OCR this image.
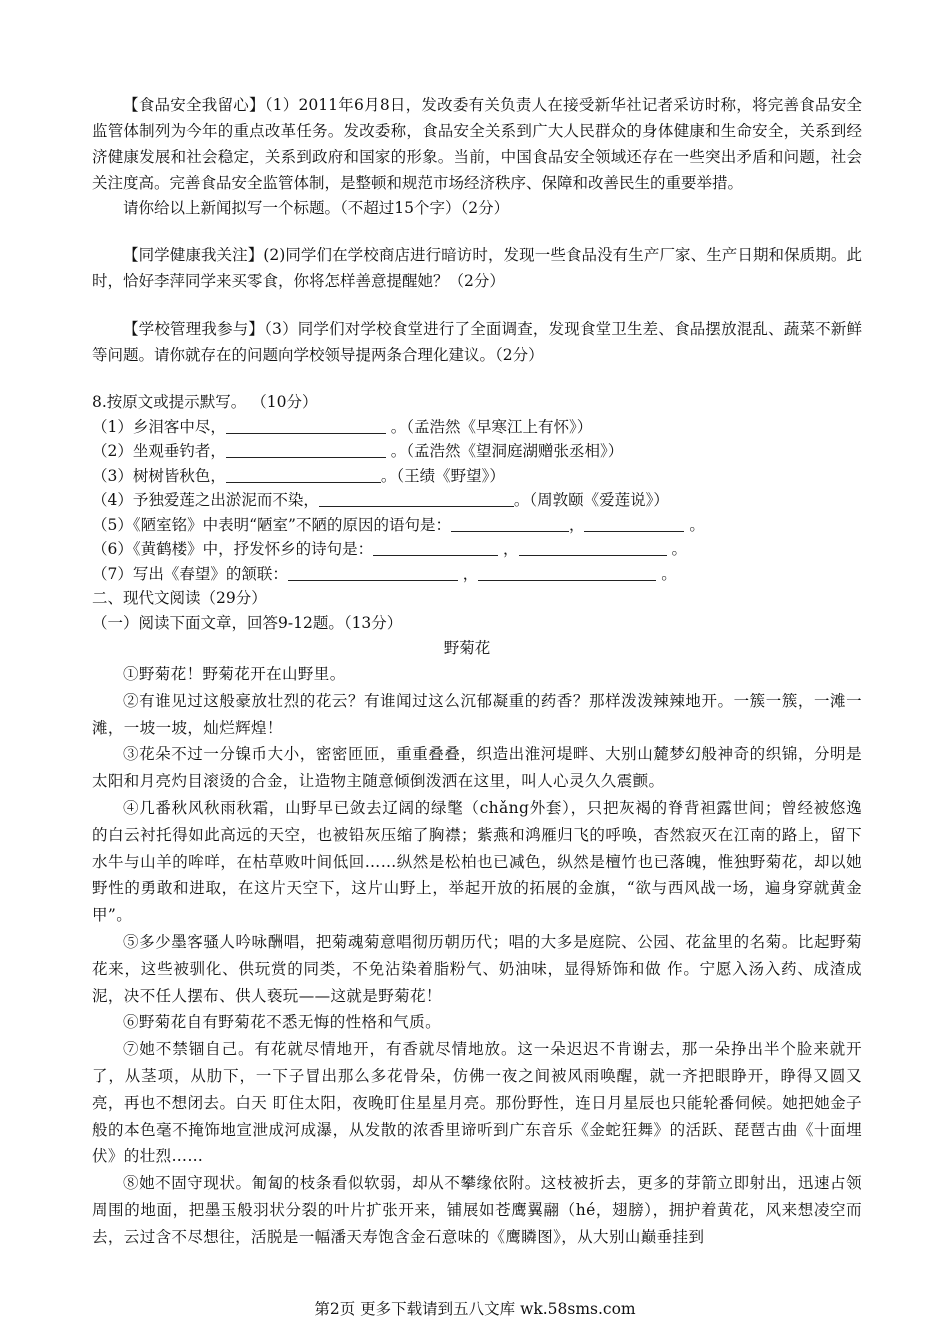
【食品安全我留心】（1）2011年6月8日，发改委有关负责人在接受新华社记者采访时称，将完善食品安全监管体制列为今年的重点改革任务。发改委称，食品安全关系到广大人民群众的身体健康和生命安全，关系到经济健康发展和社会稳定，关系到政府和国家的形象。当前，中国食品安全领域还存在一些突出矛盾和问题，社会关注度高。完善食品安全监管体制，是整顿和规范市场经济秩序、保障和改善民生的重要举措。

请你给以上新闻拟写一个标题。（不超过15个字）（2分）

【同学健康我关注】(2)同学们在学校商店进行暗访时，发现一些食品没有生产厂家、生产日期和保质期。此时，恰好李萍同学来买零食，你将怎样善意提醒她？（2分）

【学校管理我参与】（3）同学们对学校食堂进行了全面调查，发现食堂卫生差、食品摆放混乱、蔬菜不新鲜等问题。请你就存在的问题向学校领导提两条合理化建议。（2分）

8.按原文或提示默写。 （10分）

（1）乡泪客中尽，	。（孟浩然《早寒江上有怀》）

（2）坐观垂钓者，	。（孟浩然《望洞庭湖赠张丞相》）

（3）树树皆秋色，	。（王绩《野望》）

（4）予独爱莲之出淤泥而不染，	。（周敦颐《爱莲说》）

（5）《陋室铭》中表明“陋室”不陋的原因的语句是：	，	。

（6）《黄鹤楼》中，抒发怀乡的诗句是：	，	。

（7）写出《春望》的颔联：	，	。

二、现代文阅读（29分）

（一）阅读下面文章，回答9-12题。（13分）

野菊花

①野菊花！野菊花开在山野里。

②有谁见过这般豪放壮烈的花云？有谁闻过这么沉郁凝重的药香？那样泼泼辣辣地开。一簇一簇，一滩一滩，一坡一坡，灿烂辉煌！

③花朵不过一分镍币大小，密密匝匝，重重叠叠，织造出淮河堤畔、大别山麓梦幻般神奇的织锦，分明是太阳和月亮灼目滚烫的合金，让造物主随意倾倒泼洒在这里，叫人心灵久久震颤。

④几番秋风秋雨秋霜，山野早已敛去辽阔的绿氅（chǎng外套），只把灰褐的脊背袒露世间；曾经被悠逸的白云衬托得如此高远的天空，也被铅灰压缩了胸襟；紫燕和鸿雁归飞的呼唤，杳然寂灭在江南的路上，留下水牛与山羊的哞咩，在枯草败叶间低回……纵然是松柏也已减色，纵然是檀竹也已落魄，惟独野菊花，却以她野性的勇敢和进取，在这片天空下，这片山野上，举起开放的拓展的金旗，“欲与西风战一场，遍身穿就黄金甲”。

⑤多少墨客骚人吟咏酬唱，把菊魂菊意唱彻历朝历代；唱的大多是庭院、公园、花盆里的名菊。比起野菊花来，这些被驯化、供玩赏的同类，不免沾染着脂粉气、奶油味，显得矫饰和做 作。宁愿入汤入药、成渣成泥，决不任人摆布、供人亵玩——这就是野菊花！

⑥野菊花自有野菊花不悉无悔的性格和气质。

⑦她不禁锢自己。有花就尽情地开，有香就尽情地放。这一朵迟迟不肯谢去，那一朵挣出半个脸来就开了，从茎项，从肋下，一下子冒出那么多花骨朵，仿佛一夜之间被风雨唤醒，就一齐把眼睁开，睁得又圆又亮，再也不想闭去。白天 盯住太阳，夜晚盯住星星月亮。那份野性，连日月星辰也只能轮番伺候。她把她金子般的本色毫不掩饰地宣泄成河成瀑，从发散的浓香里谛听到广东音乐《金蛇狂舞》的活跃、琵琶古曲《十面埋伏》的壮烈……

⑧她不固守现状。匍匐的枝条看似软弱，却从不攀缘依附。这枝被折去，更多的芽箭立即射出，迅速占领周围的地面，把墨玉般羽状分裂的叶片扩张开来，铺展如苍鹰翼翮（hé，翅膀），拥护着黄花，风来想凌空而去，云过含不尽想往，活脱是一幅潘天寿饱含金石意味的《鹰瞵图》，从大别山巅垂挂到

第2页 更多下载请到五八文库 wk.58sms.com
